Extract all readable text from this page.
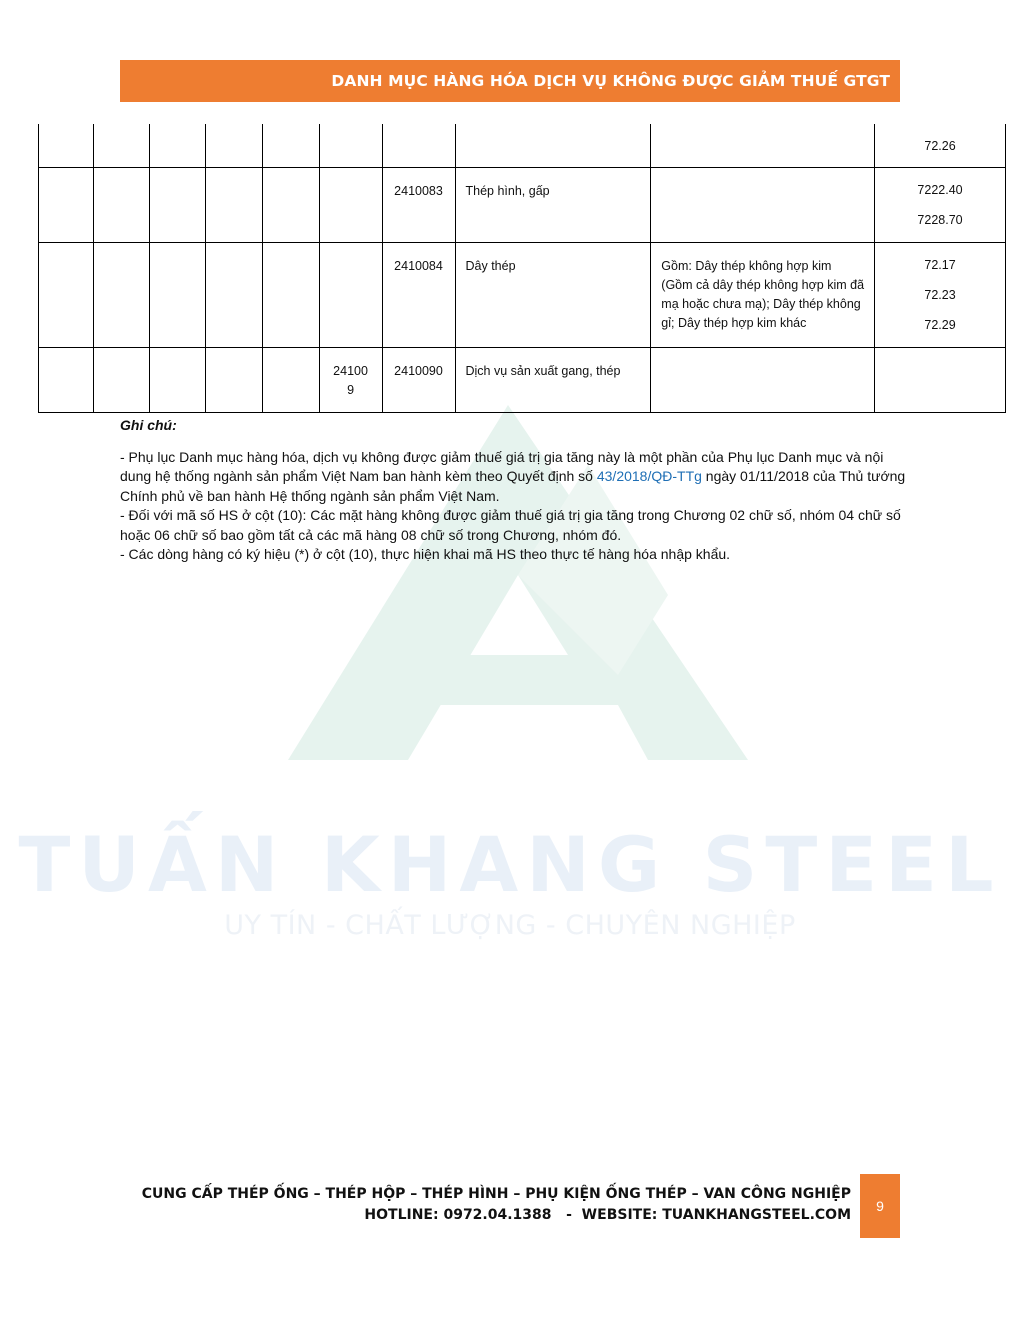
DANH MỤC HÀNG HÓA DỊCH VỤ KHÔNG ĐƯỢC GIẢM THUẾ GTGT
TUẤN KHANG STEEL
UY TÍN - CHẤT LƯỢNG - CHUYÊN NGHIỆP

									72.26

						2410083	Thép hình, gấp		7222.40
7228.70

						2410084	Dây thép	Gồm: Dây thép không hợp kim (Gồm cả dây thép không hợp kim đã mạ hoặc chưa mạ); Dây thép không gỉ; Dây thép hợp kim khác	72.17
72.23
72.29

					24100
9	2410090	Dịch vụ sản xuất gang, thép		

Ghi chú:

- Phụ lục Danh mục hàng hóa, dịch vụ không được giảm thuế giá trị gia tăng này là một phần của Phụ lục Danh mục và nội dung hệ thống ngành sản phẩm Việt Nam ban hành kèm theo Quyết định số 43/2018/QĐ-TTg ngày 01/11/2018 của Thủ tướng Chính phủ về ban hành Hệ thống ngành sản phẩm Việt Nam.

- Đối với mã số HS ở cột (10): Các mặt hàng không được giảm thuế giá trị gia tăng trong Chương 02 chữ số, nhóm 04 chữ số hoặc 06 chữ số bao gồm tất cả các mã hàng 08 chữ số trong Chương, nhóm đó.

- Các dòng hàng có ký hiệu (*) ở cột (10), thực hiện khai mã HS theo thực tế hàng hóa nhập khẩu.

CUNG CẤP THÉP ỐNG – THÉP HỘP – THÉP HÌNH – PHỤ KIỆN ỐNG THÉP – VAN CÔNG NGHIỆP
HOTLINE: 0972.04.1388   -  WEBSITE: TUANKHANGSTEEL.COM
9
